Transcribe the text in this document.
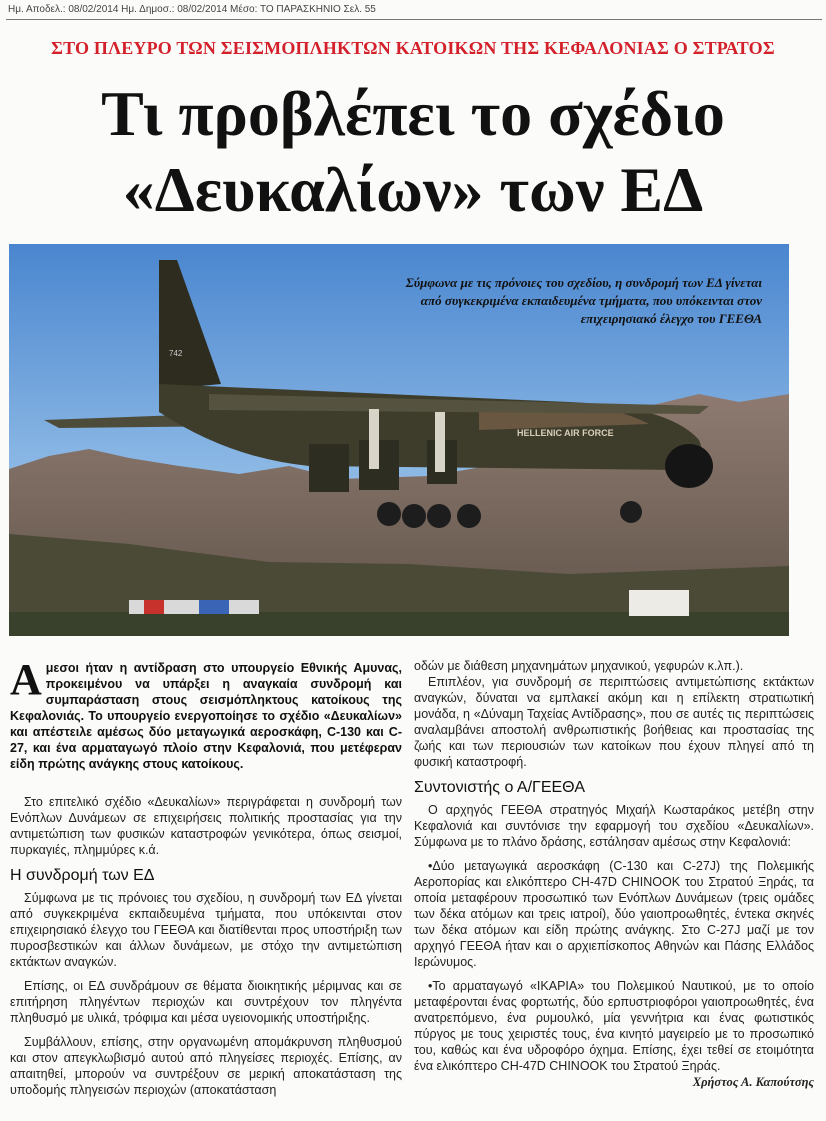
Ημ. Αποδελ.: 08/02/2014 Ημ. Δημοσ.: 08/02/2014 Μέσο: ΤΟ ΠΑΡΑΣΚΗΝΙΟ Σελ. 55
ΣΤΟ ΠΛΕΥΡΟ ΤΩΝ ΣΕΙΣΜΟΠΛΗΚΤΩΝ ΚΑΤΟΙΚΩΝ ΤΗΣ ΚΕΦΑΛΟΝΙΑΣ Ο ΣΤΡΑΤΟΣ
Τι προβλέπει το σχέδιο
«Δευκαλίων» των ΕΔ
742
HELLENIC AIR FORCE
Σύμφωνα με τις πρόνοιες του σχεδίου, η συνδρομή των ΕΔ γίνεται από συγκεκριμένα εκπαιδευμένα τμήματα, που υπόκεινται στον επιχειρησιακό έλεγχο του ΓΕΕΘΑ
Αμεσοι ήταν η αντίδραση στο υπουργείο Εθνικής Αμυνας, προκειμένου να υπάρξει η αναγκαία συνδρομή και συμπαράσταση στους σεισμόπληκτους κατοίκους της Κεφαλονιάς. Το υπουργείο ενεργοποίησε το σχέδιο «Δευκαλίων» και απέστειλε αμέσως δύο μεταγωγικά αεροσκάφη, C-130 και C-27, και ένα αρματαγωγό πλοίο στην Κεφαλονιά, που μετέφεραν είδη πρώτης ανάγκης στους κατοίκους.

Στο επιτελικό σχέδιο «Δευκαλίων» περιγράφεται η συνδρομή των Ενόπλων Δυνάμεων σε επιχειρήσεις πολιτικής προστασίας για την αντιμετώπιση των φυσικών καταστροφών γενικότερα, όπως σεισμοί, πυρκαγιές, πλημμύρες κ.ά.

Η συνδρομή των ΕΔ

Σύμφωνα με τις πρόνοιες του σχεδίου, η συνδρομή των ΕΔ γίνεται από συγκεκριμένα εκπαιδευμένα τμήματα, που υπόκεινται στον επιχειρησιακό έλεγχο του ΓΕΕΘΑ και διατίθενται προς υποστήριξη των πυροσβεστικών και άλλων δυνάμεων, με στόχο την αντιμετώπιση εκτάκτων αναγκών.

Επίσης, οι ΕΔ συνδράμουν σε θέματα διοικητικής μέριμνας και σε επιτήρηση πληγέντων περιοχών και συντρέχουν τον πληγέντα πληθυσμό με υλικά, τρόφιμα και μέσα υγειονομικής υποστήριξης.

Συμβάλλουν, επίσης, στην οργανωμένη απομάκρυνση πληθυσμού και στον απεγκλωβισμό αυτού από πληγείσες περιοχές. Επίσης, αν απαιτηθεί, μπορούν να συντρέξουν σε μερική αποκατάσταση της υποδομής πληγεισών περιοχών (αποκατάσταση

οδών με διάθεση μηχανημάτων μηχανικού, γεφυρών κ.λπ.).

Επιπλέον, για συνδρομή σε περιπτώσεις αντιμετώπισης εκτάκτων αναγκών, δύναται να εμπλακεί ακόμη και η επίλεκτη στρατιωτική μονάδα, η «Δύναμη Ταχείας Αντίδρασης», που σε αυτές τις περιπτώσεις αναλαμβάνει αποστολή ανθρωπιστικής βοήθειας και προστασίας της ζωής και των περιουσιών των κατοίκων που έχουν πληγεί από τη φυσική καταστροφή.

Συντονιστής ο Α/ΓΕΕΘΑ

Ο αρχηγός ΓΕΕΘΑ στρατηγός Μιχαήλ Κωσταράκος μετέβη στην Κεφαλονιά και συντόνισε την εφαρμογή του σχεδίου «Δευκαλίων». Σύμφωνα με το πλάνο δράσης, εστάλησαν αμέσως στην Κεφαλονιά:

•Δύο μεταγωγικά αεροσκάφη (C-130 και C-27J) της Πολεμικής Αεροπορίας και ελικόπτερο CH-47D CHINOOK του Στρατού Ξηράς, τα οποία μεταφέρουν προσωπικό των Ενόπλων Δυνάμεων (τρεις ομάδες των δέκα ατόμων και τρεις ιατροί), δύο γαιοπροωθητές, έντεκα σκηνές των δέκα ατόμων και είδη πρώτης ανάγκης. Στο C-27J μαζί με τον αρχηγό ΓΕΕΘΑ ήταν και ο αρχιεπίσκοπος Αθηνών και Πάσης Ελλάδος Ιερώνυμος.

•Το αρματαγωγό «ΙΚΑΡΙΑ» του Πολεμικού Ναυτικού, με το οποίο μεταφέρονται ένας φορτωτής, δύο ερπυστριοφόροι γαιοπροωθητές, ένα ανατρεπόμενο, ένα ρυμουλκό, μία γεννήτρια και ένας φωτιστικός πύργος με τους χειριστές τους, ένα κινητό μαγειρείο με το προσωπικό του, καθώς και ένα υδροφόρο όχημα. Επίσης, έχει τεθεί σε ετοιμότητα ένα ελικόπτερο CH-47D CHINOOK του Στρατού Ξηράς.
Χρήστος Α. Καπούτσης
